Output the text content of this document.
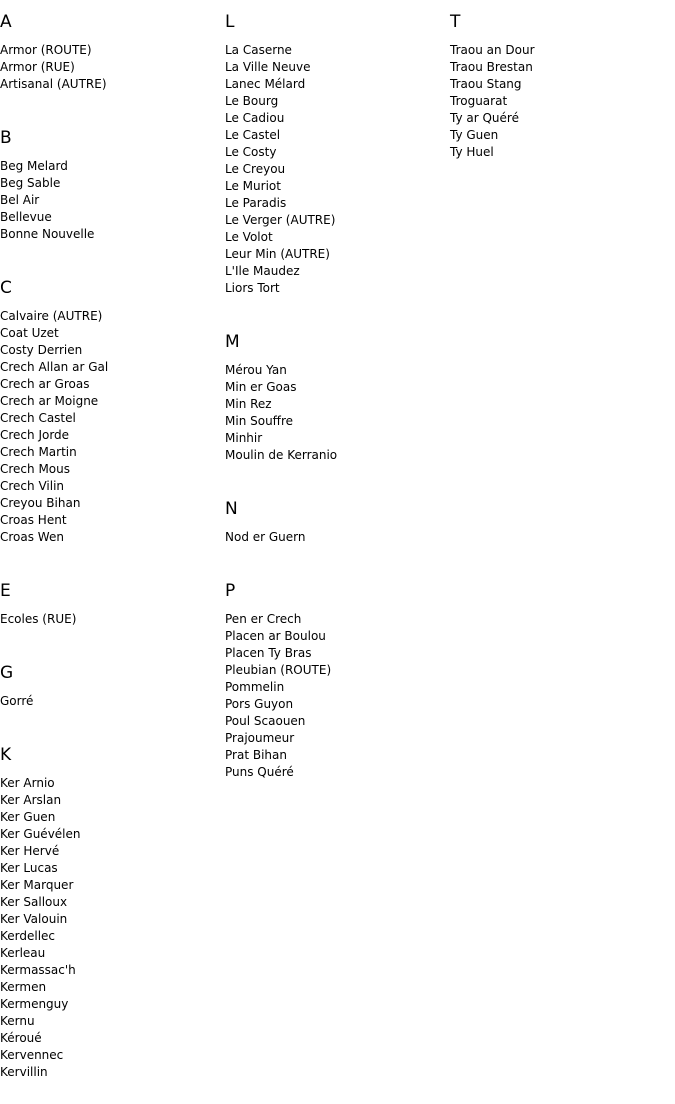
A
Armor (ROUTE)
Armor (RUE)
Artisanal (AUTRE)
B
Beg Melard
Beg Sable
Bel Air
Bellevue
Bonne Nouvelle
C
Calvaire (AUTRE)
Coat Uzet
Costy Derrien
Crech Allan ar Gal
Crech ar Groas
Crech ar Moigne
Crech Castel
Crech Jorde
Crech Martin
Crech Mous
Crech Vilin
Creyou Bihan
Croas Hent
Croas Wen
E
Ecoles (RUE)
G
Gorré
K
Ker Arnio
Ker Arslan
Ker Guen
Ker Guévélen
Ker Hervé
Ker Lucas
Ker Marquer
Ker Salloux
Ker Valouin
Kerdellec
Kerleau
Kermassac'h
Kermen
Kermenguy
Kernu
Kéroué
Kervennec
Kervillin
L
La Caserne
La Ville Neuve
Lanec Mélard
Le Bourg
Le Cadiou
Le Castel
Le Costy
Le Creyou
Le Muriot
Le Paradis
Le Verger (AUTRE)
Le Volot
Leur Min (AUTRE)
L'Ile Maudez
Liors Tort
M
Mérou Yan
Min er Goas
Min Rez
Min Souffre
Minhir
Moulin de Kerranio
N
Nod er Guern
P
Pen er Crech
Placen ar Boulou
Placen Ty Bras
Pleubian (ROUTE)
Pommelin
Pors Guyon
Poul Scaouen
Prajoumeur
Prat Bihan
Puns Quéré
T
Traou an Dour
Traou Brestan
Traou Stang
Troguarat
Ty ar Quéré
Ty Guen
Ty Huel
